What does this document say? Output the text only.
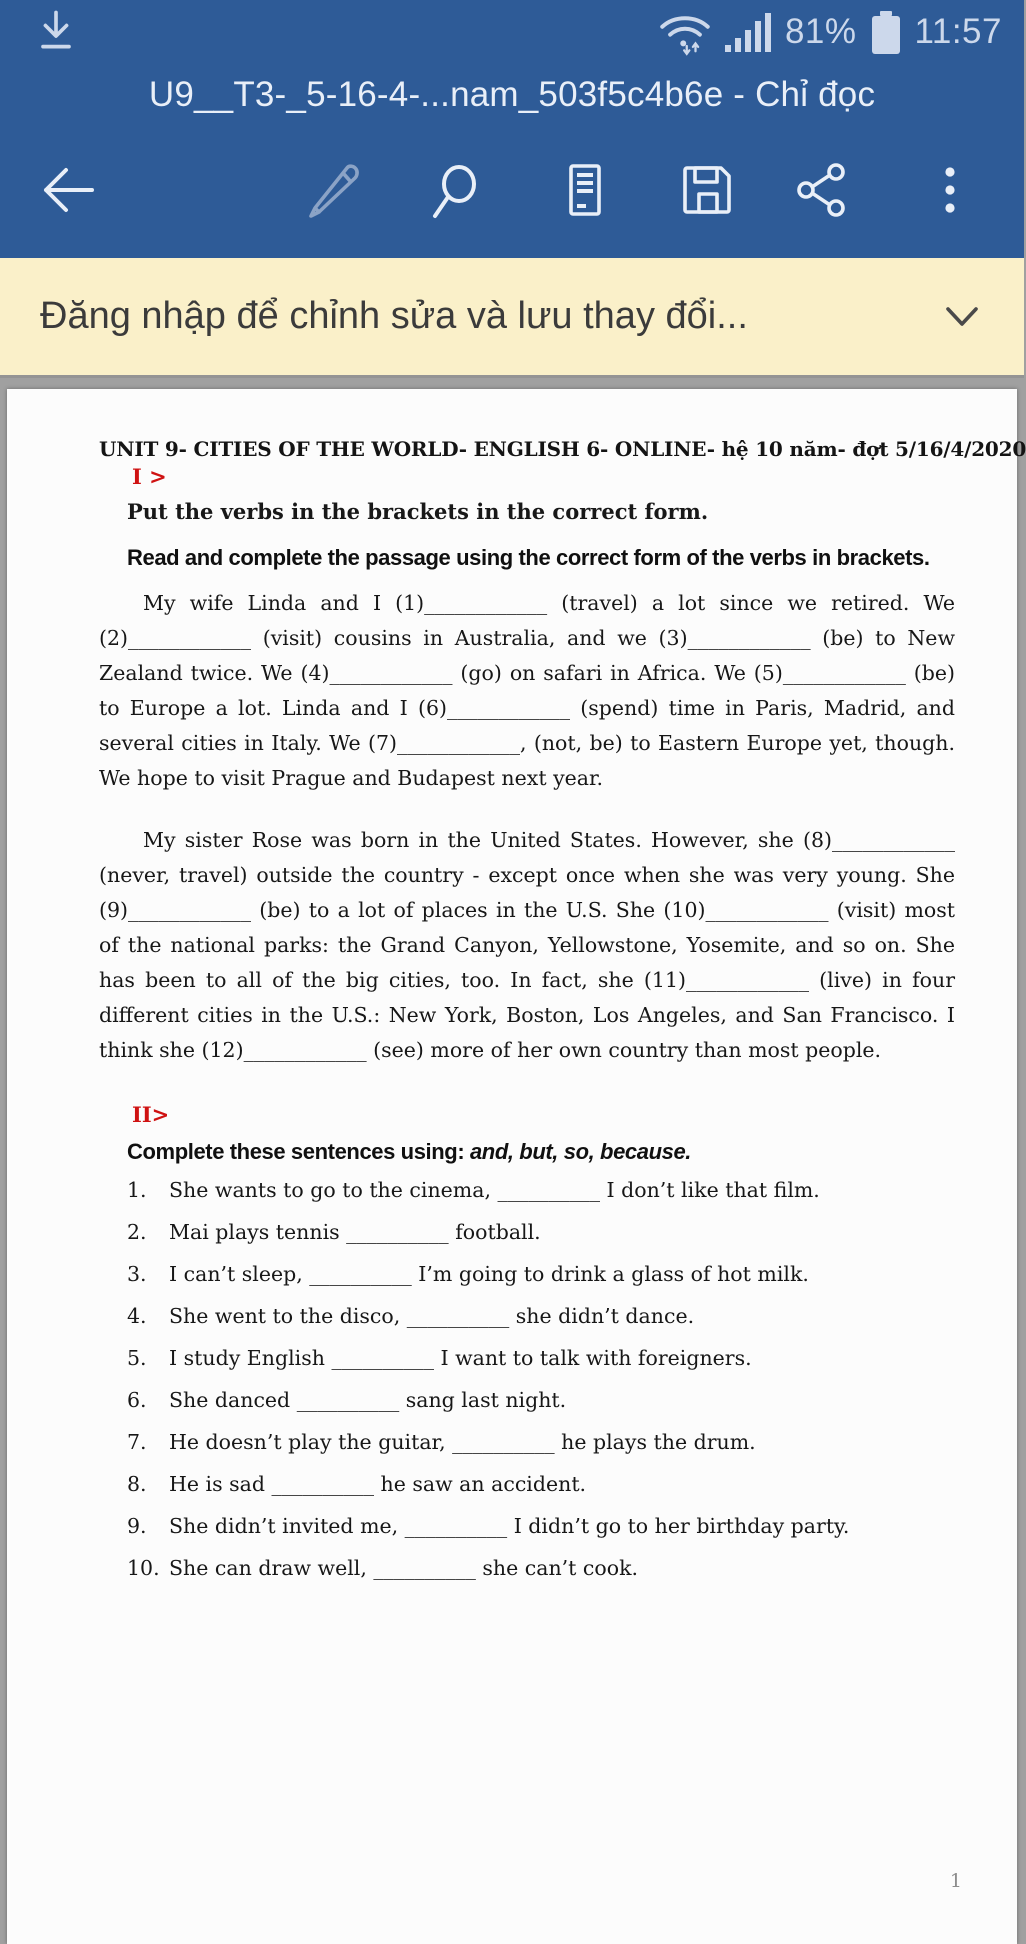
81% 11:57
U9__T3-_5-16-4-...nam_503f5c4b6e - Chỉ đọc
Đăng nhập để chỉnh sửa và lưu thay đổi...
UNIT 9- CITIES OF THE WORLD- ENGLISH 6- ONLINE- hệ 10 năm- đợt 5/16/4/2020
I >
Put the verbs in the brackets in the correct form.
Read and complete the passage using the correct form of the verbs in brackets.

My wife Linda and I (1)____________ (travel) a lot since we retired. We (2)____________ (visit) cousins in Australia, and we (3)____________ (be) to New Zealand twice. We (4)____________ (go) on safari in Africa. We (5)____________ (be) to Europe a lot. Linda and I (6)____________ (spend) time in Paris, Madrid, and several cities in Italy. We (7)____________, (not, be) to Eastern Europe yet, though. We hope to visit Prague and Budapest next year.

My sister Rose was born in the United States. However, she (8)____________ (never, travel) outside the country - except once when she was very young. She (9)____________ (be) to a lot of places in the U.S. She (10)____________ (visit) most of the national parks: the Grand Canyon, Yellowstone, Yosemite, and so on. She has been to all of the big cities, too. In fact, she (11)____________ (live) in four different cities in the U.S.: New York, Boston, Los Angeles, and San Francisco. I think she (12)____________ (see) more of her own country than most people.

II>
Complete these sentences using: and, but, so, because.
1.	She wants to go to the cinema, __________ I don’t like that film.
2.	Mai plays tennis __________ football.
3.	I can’t sleep, __________ I’m going to drink a glass of hot milk.
4.	She went to the disco, __________ she didn’t dance.
5.	I study English __________ I want to talk with foreigners.
6.	She danced __________ sang last night.
7.	He doesn’t play the guitar, __________ he plays the drum.
8.	He is sad __________ he saw an accident.
9.	She didn’t invited me, __________ I didn’t go to her birthday party.
10. She can draw well, __________ she can’t cook.
1
